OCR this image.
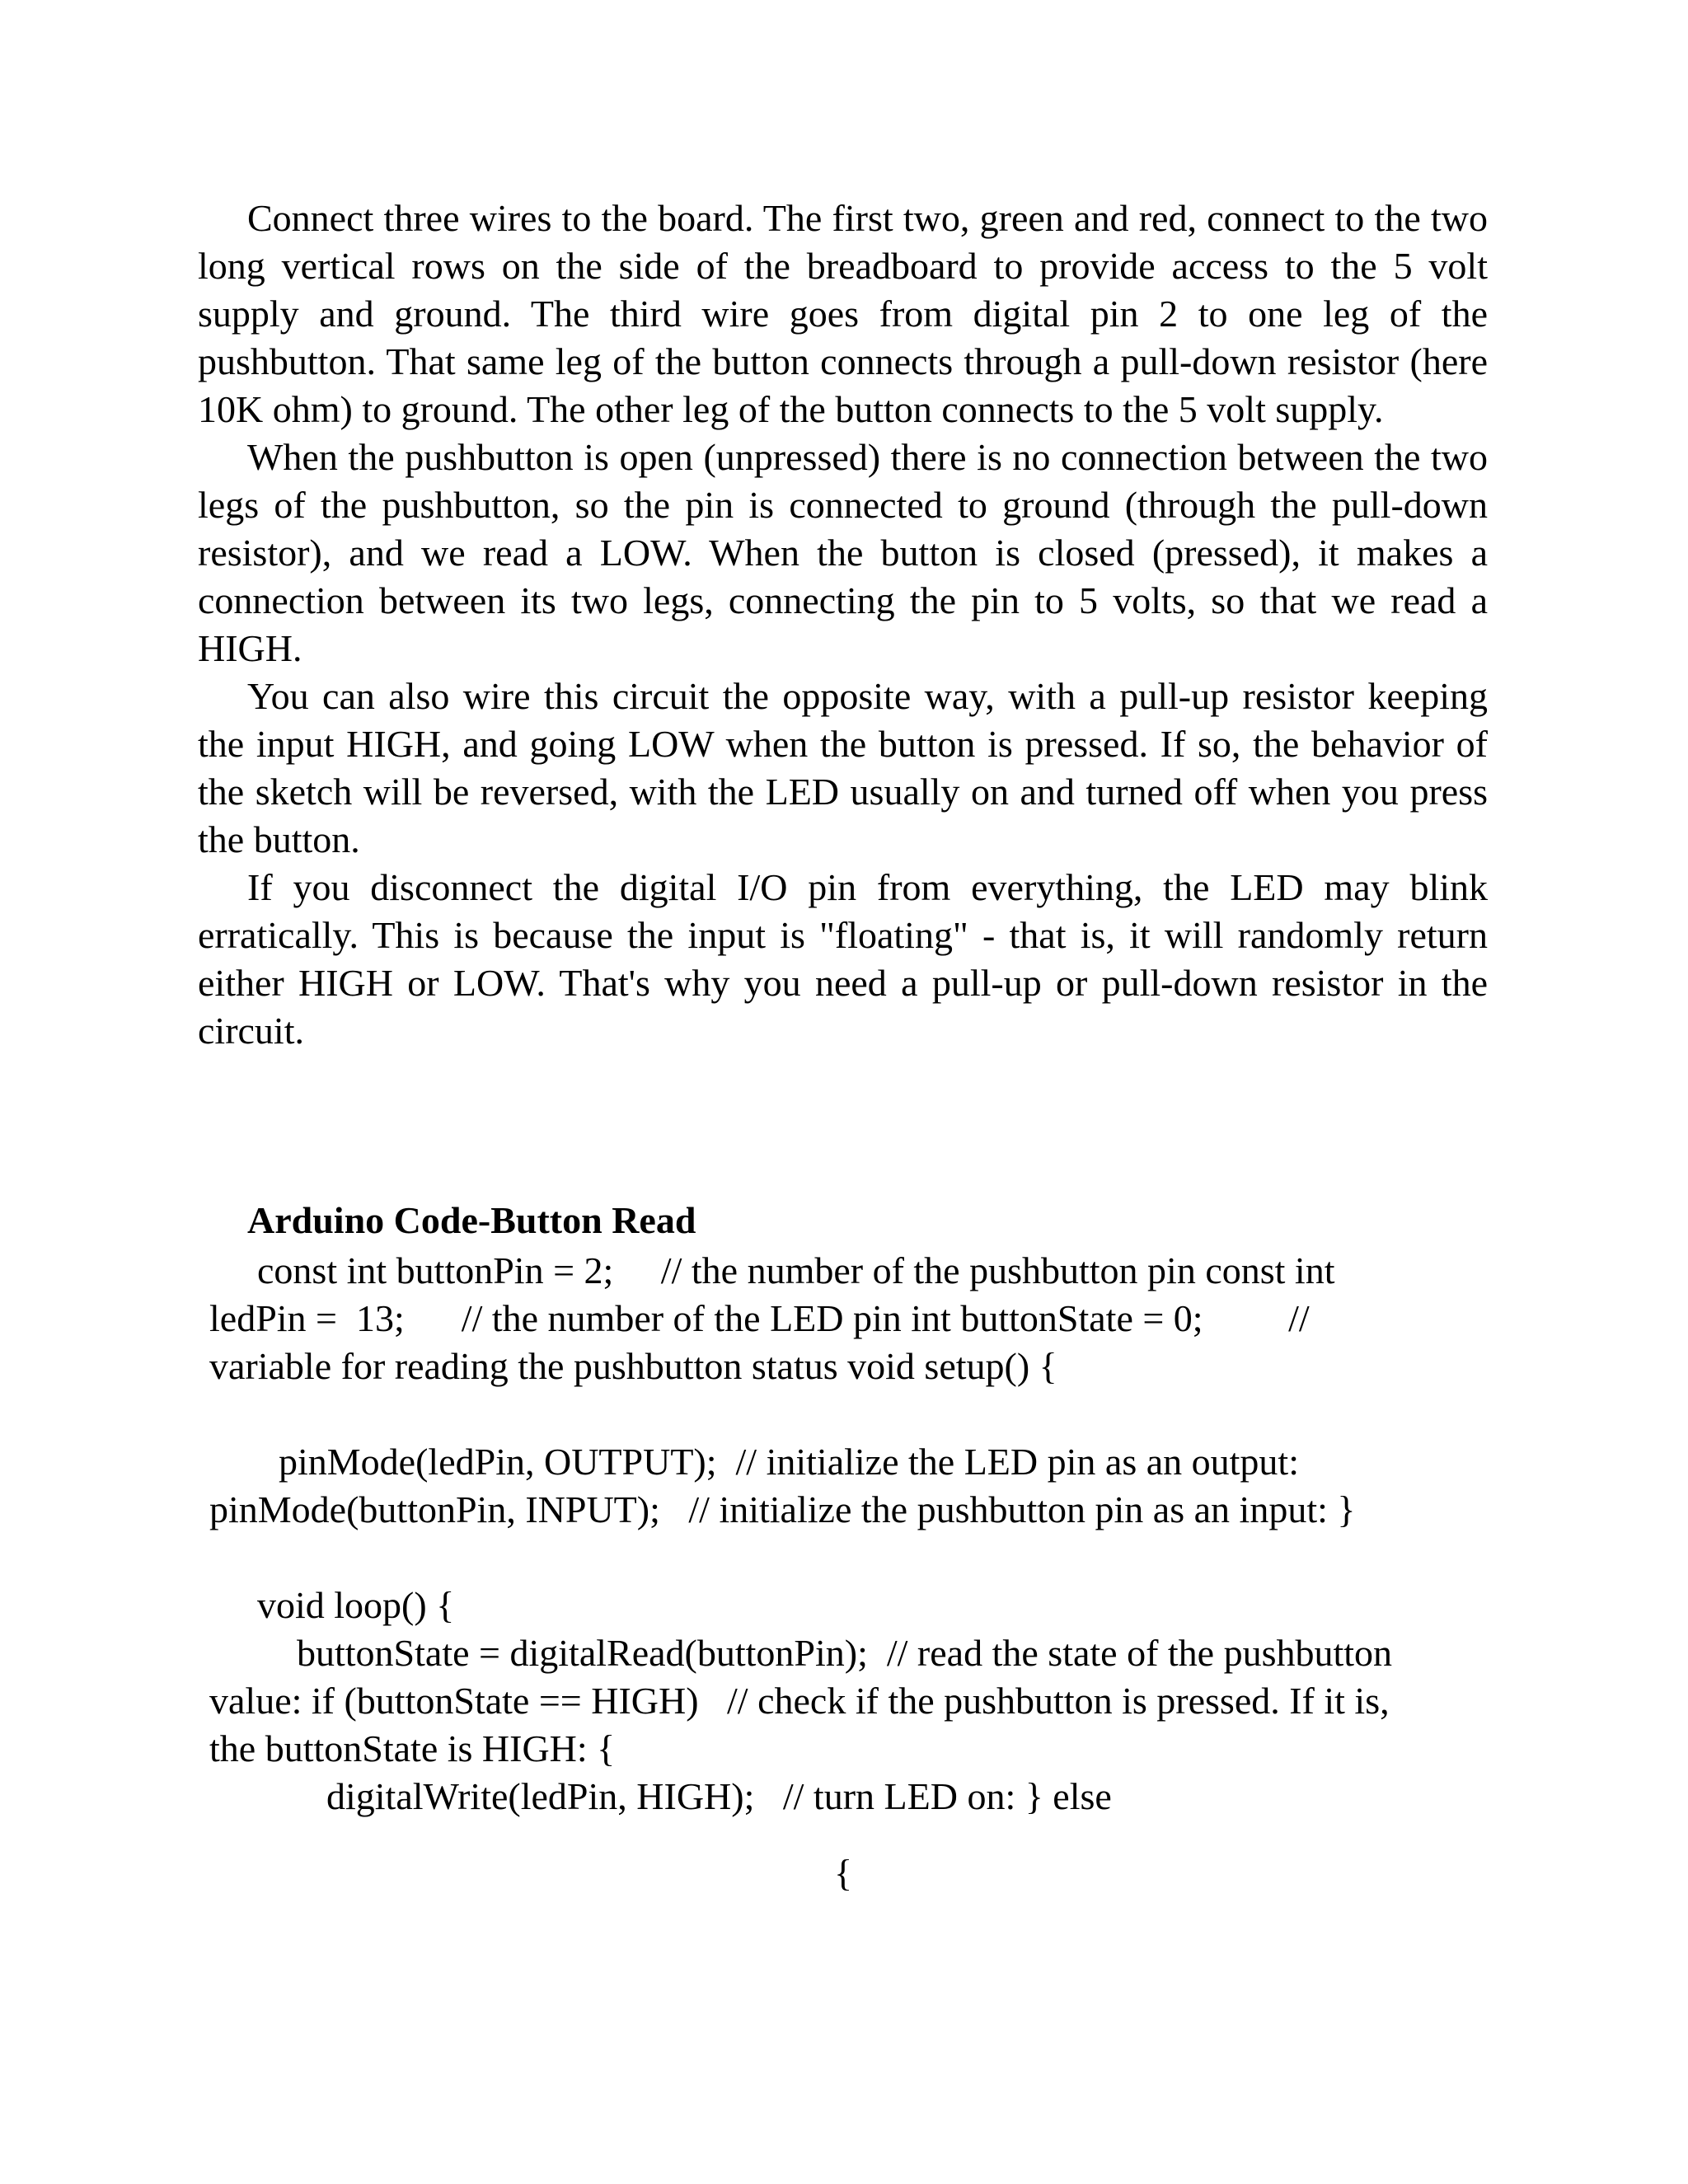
Connect three wires to the board. The first two, green and red, connect to the two long vertical rows on the side of the breadboard to provide access to the 5 volt supply and ground. The third wire goes from digital pin 2 to one leg of the pushbutton. That same leg of the button connects through a pull-down resistor (here 10K ohm) to ground. The other leg of the button connects to the 5 volt supply.

When the pushbutton is open (unpressed) there is no connection between the two legs of the pushbutton, so the pin is connected to ground (through the pull-down resistor), and we read a LOW. When the button is closed (pressed), it makes a connection between its two legs, connecting the pin to 5 volts, so that we read a HIGH.

You can also wire this circuit the opposite way, with a pull-up resistor keeping the input HIGH, and going LOW when the button is pressed. If so, the behavior of the sketch will be reversed, with the LED usually on and turned off when you press the button.

If you disconnect the digital I/O pin from everything, the LED may blink erratically. This is because the input is "floating" - that is, it will randomly return either HIGH or LOW. That's why you need a pull-up or pull-down resistor in the circuit.

Arduino Code-Button Read
const int buttonPin = 2;     // the number of the pushbutton pin const int
ledPin =  13;      // the number of the LED pin int buttonState = 0;         //
variable for reading the pushbutton status void setup() {
pinMode(ledPin, OUTPUT);  // initialize the LED pin as an output:
pinMode(buttonPin, INPUT);   // initialize the pushbutton pin as an input: }
void loop() {
buttonState = digitalRead(buttonPin);  // read the state of the pushbutton
value: if (buttonState == HIGH)   // check if the pushbutton is pressed. If it is,
the buttonState is HIGH: {
digitalWrite(ledPin, HIGH);   // turn LED on: } else
{
